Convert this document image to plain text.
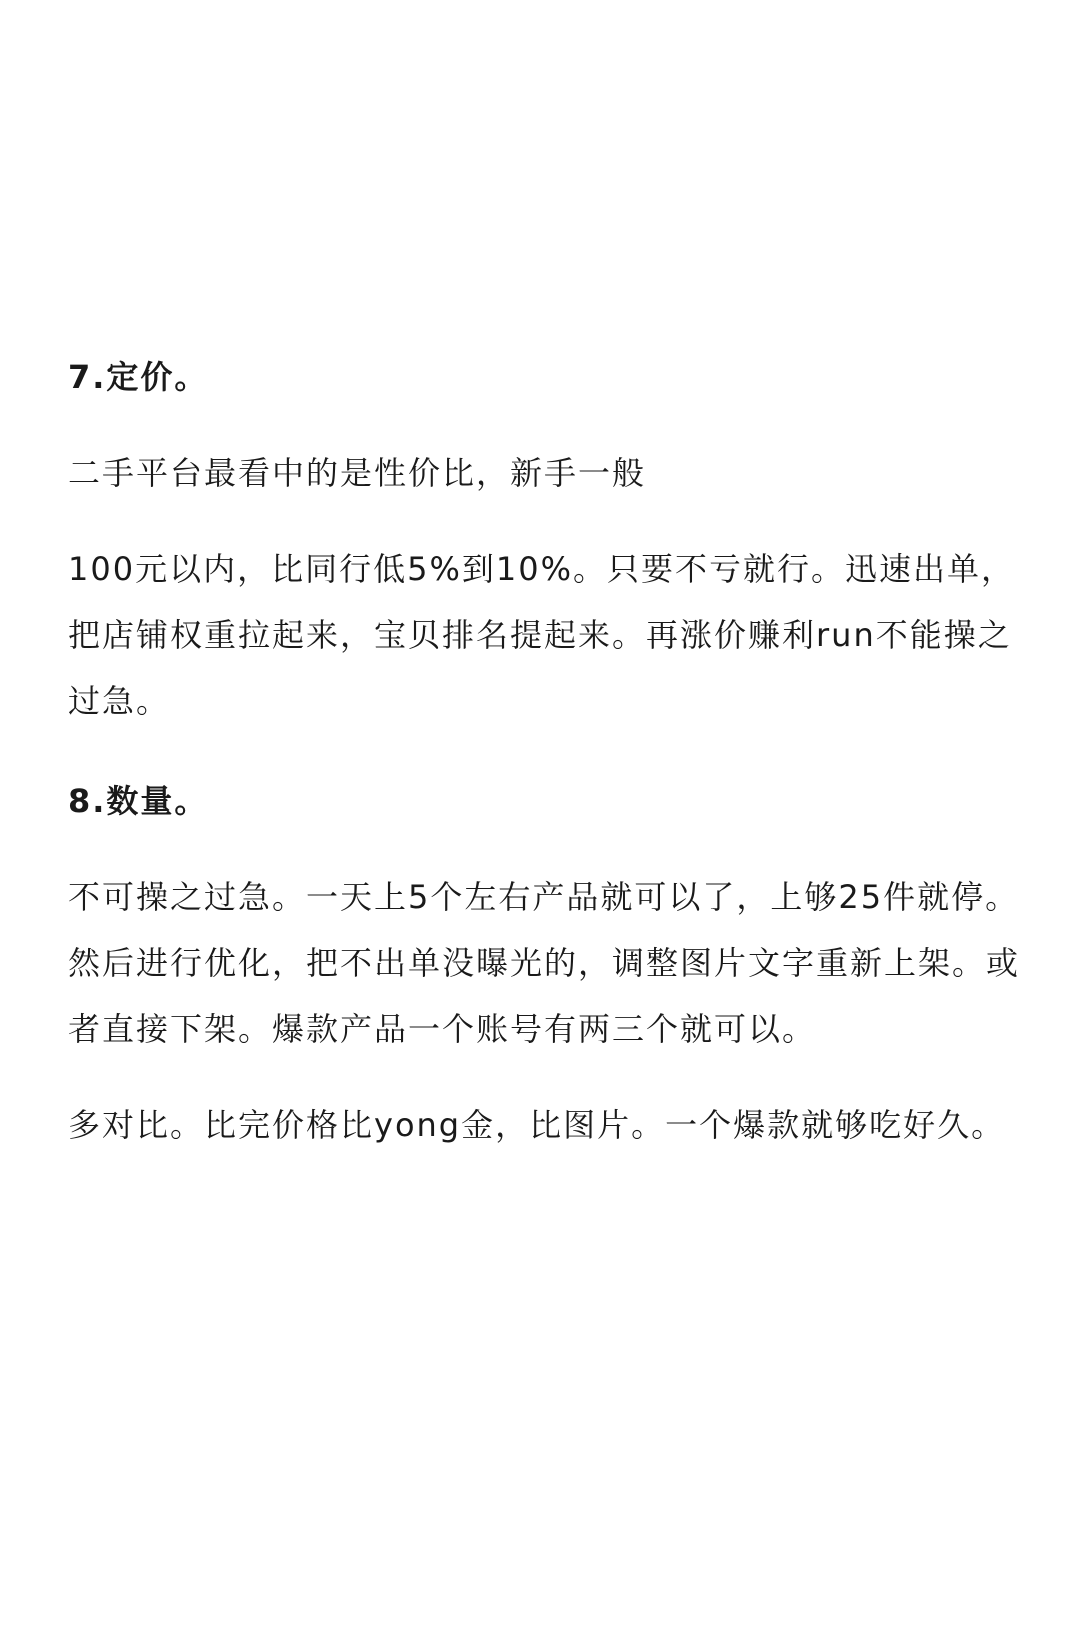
7.定价。

二手平台最看中的是性价比，新手一般

100元以内，比同行低5%到10%。只要不亏就行。迅速出单，把店铺权重拉起来，宝贝排名提起来。再涨价赚利run不能操之过急。

8.数量。

不可操之过急。一天上5个左右产品就可以了，上够25件就停。然后进行优化，把不出单没曝光的，调整图片文字重新上架。或者直接下架。爆款产品一个账号有两三个就可以。

多对比。比完价格比yong金，比图片。一个爆款就够吃好久。
